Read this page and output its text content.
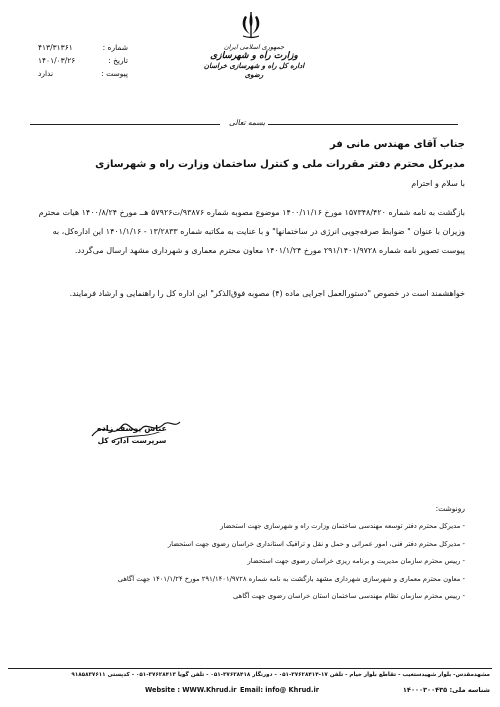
جمهوری اسلامی ایران
وزارت راه و شهرسازی
اداره کل راه و شهرسازی خراسان رضوی
شماره :
۴۱۳/۳۱۳۶۱
تاریخ :
۱۴۰۱/۰۳/۲۶
پیوست :
ندارد
بسمه تعالی
جناب آقای مهندس مانی فر
مدیرکل محترم دفتر مقررات ملی و کنترل ساختمان وزارت راه و شهرسازی
با سلام و احترام
بازگشت به نامه شماره ۱۵۷۳۴۸/۴۲۰ مورخ ۱۴۰۰/۱۱/۱۶ موضوع مصوبه شماره ۹۳۸۷۶/ت۵۷۹۲۶ هــ مورخ ۱۴۰۰/۸/۲۴ هیات محترم وزیران با عنوان " ضوابط صرفه‌جویی انرژی در ساختمانها" و با عنایت به مکاتبه شماره ۱۳/۲۸۳۳ - ۱۴۰۱/۱/۱۶ این اداره‌کل، به پیوست تصویر نامه شماره ۲۹۱/۱۴۰۱/۹۷۲۸ مورخ ۱۴۰۱/۱/۲۴ معاون محترم معماری و شهرداری مشهد ارسال می‌گردد.
خواهشمند است در خصوص "دستورالعمل اجرایی ماده (۴) مصوبه فوق‌الذکر" این اداره کل را راهنمایی و ارشاد فرمایند.
عباس یوسف زاده
سرپرست اداره کل
رونوشت:
- مدیرکل محترم دفتر توسعه مهندسی ساختمان وزارت راه و شهرسازی جهت استحضار
- مدیرکل محترم دفتر فنی، امور عمرانی و حمل و نقل و ترافیک استانداری خراسان رضوی جهت استحضار
- رییس محترم سازمان مدیریت و برنامه ریزی خراسان رضوی جهت استحضار
- معاون محترم معماری و شهرسازی شهرداری مشهد بازگشت به نامه شماره ۲۹۱/۱۴۰۱/۹۷۲۸ مورخ ۱۴۰۱/۱/۲۴ جهت آگاهی
- رییس محترم سازمان نظام مهندسی ساختمان استان خراسان رضوی جهت آگاهی
مشهدمقدس- بلوار شهیدستغیب - تقاطع بلوار خیام - تلفن ۱۷-۳۷۶۲۸۴۱۴-۰۵۱ - دورنگار ۳۷۶۲۸۴۱۸-۰۵۱ - تلفن گویا ۳۷۶۲۸۴۱۳-۰۵۱ - کدپستی ۹۱۸۵۸۳۷۶۱۱
Website : WWW.Khrud.ir Email: info@ Khrud.ir	شناسه ملی: ۱۴۰۰۰۳۰۰۴۳۵
